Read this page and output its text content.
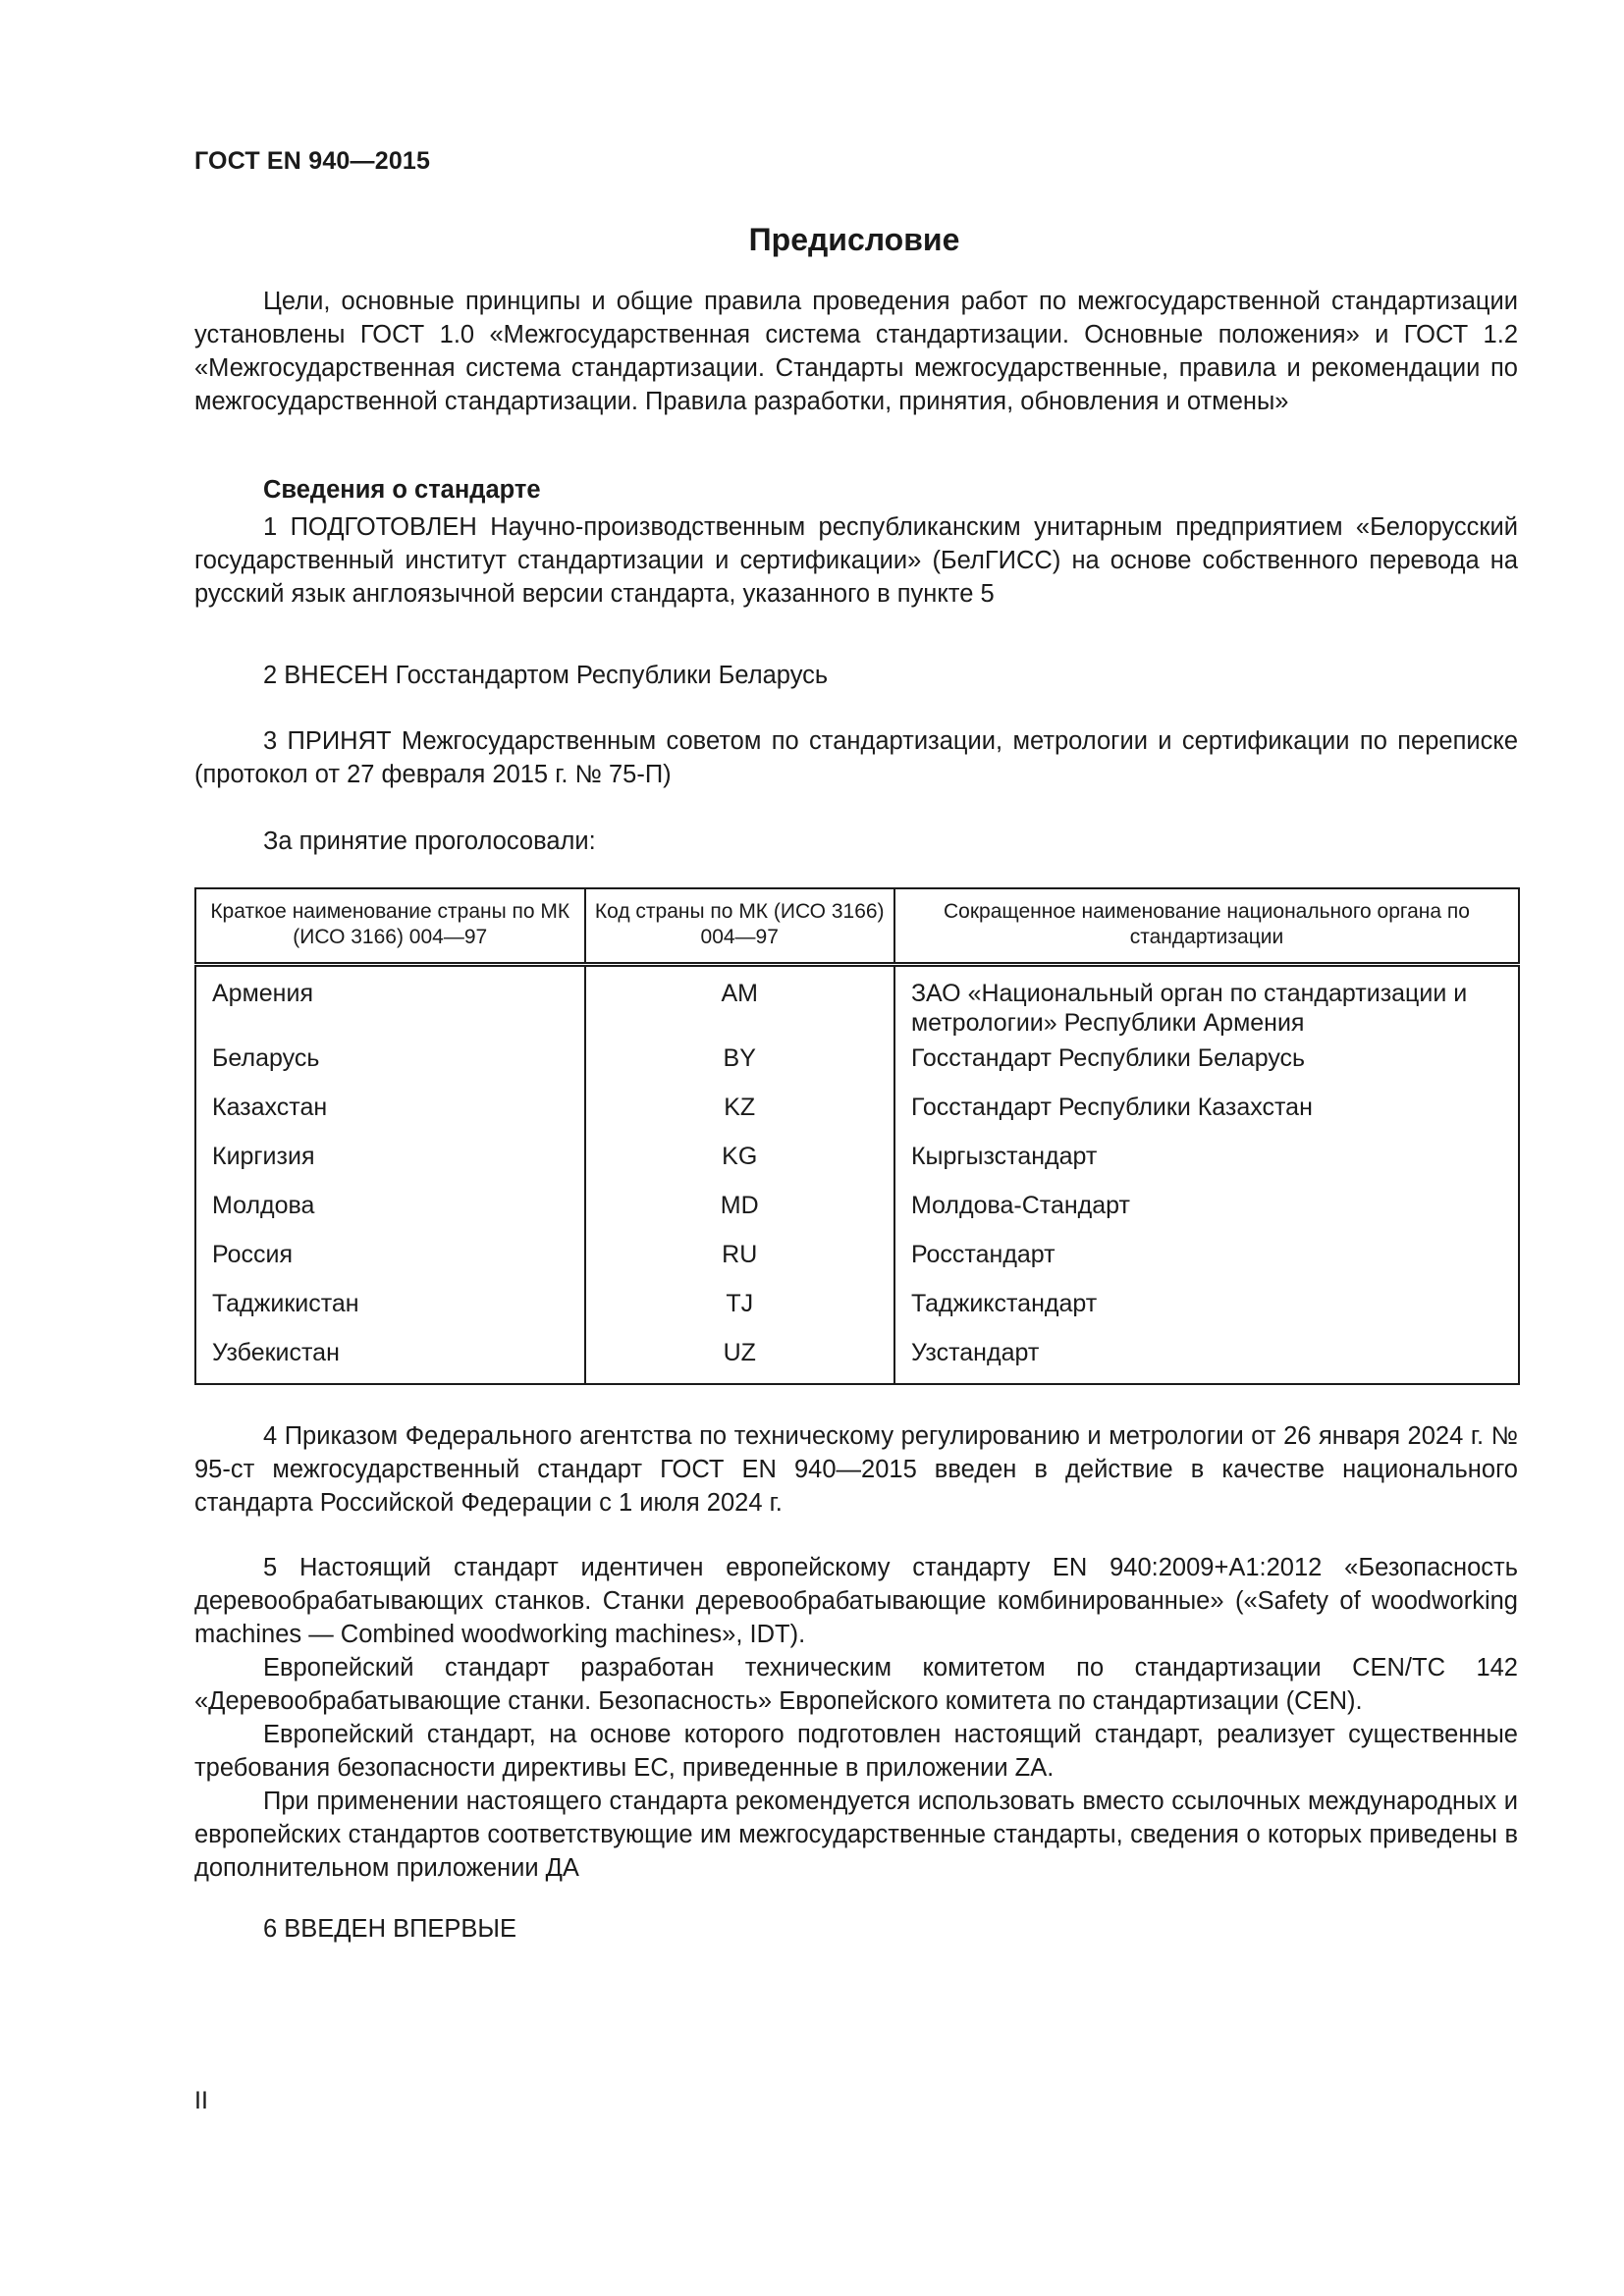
ГОСТ EN 940—2015
Предисловие

Цели, основные принципы и общие правила проведения работ по межгосударственной стандартизации установлены ГОСТ 1.0 «Межгосударственная система стандартизации. Основные положения» и ГОСТ 1.2 «Межгосударственная система стандартизации. Стандарты межгосударственные, правила и рекомендации по межгосударственной стандартизации. Правила разработки, принятия, обновления и отмены»

Сведения о стандарте

1 ПОДГОТОВЛЕН Научно-производственным республиканским унитарным предприятием «Белорусский государственный институт стандартизации и сертификации» (БелГИСС) на основе собственного перевода на русский язык англоязычной версии стандарта, указанного в пункте 5

2 ВНЕСЕН Госстандартом Республики Беларусь

3 ПРИНЯТ Межгосударственным советом по стандартизации, метрологии и сертификации по переписке (протокол от 27 февраля 2015 г. № 75-П)

За принятие проголосовали:

Краткое наименование страны по МК (ИСО 3166) 004—97	Код страны по МК (ИСО 3166) 004—97	Сокращенное наименование национального органа по стандартизации
Армения	AM	ЗАО «Национальный орган по стандартизации и метрологии» Республики Армения
Беларусь	BY	Госстандарт Республики Беларусь
Казахстан	KZ	Госстандарт Республики Казахстан
Киргизия	KG	Кыргызстандарт
Молдова	MD	Молдова-Стандарт
Россия	RU	Росстандарт
Таджикистан	TJ	Таджикстандарт
Узбекистан	UZ	Узстандарт

4 Приказом Федерального агентства по техническому регулированию и метрологии от 26 января 2024 г. № 95-ст межгосударственный стандарт ГОСТ EN 940—2015 введен в действие в качестве национального стандарта Российской Федерации с 1 июля 2024 г.

5 Настоящий стандарт идентичен европейскому стандарту EN 940:2009+A1:2012 «Безопасность деревообрабатывающих станков. Станки деревообрабатывающие комбинированные» («Safety of woodworking machines — Combined woodworking machines», IDT).

Европейский стандарт разработан техническим комитетом по стандартизации CEN/TC 142 «Деревообрабатывающие станки. Безопасность» Европейского комитета по стандартизации (CEN).

Европейский стандарт, на основе которого подготовлен настоящий стандарт, реализует существенные требования безопасности директивы ЕС, приведенные в приложении ZA.

При применении настоящего стандарта рекомендуется использовать вместо ссылочных международных и европейских стандартов соответствующие им межгосударственные стандарты, сведения о которых приведены в дополнительном приложении ДА

6 ВВЕДЕН ВПЕРВЫЕ

II
